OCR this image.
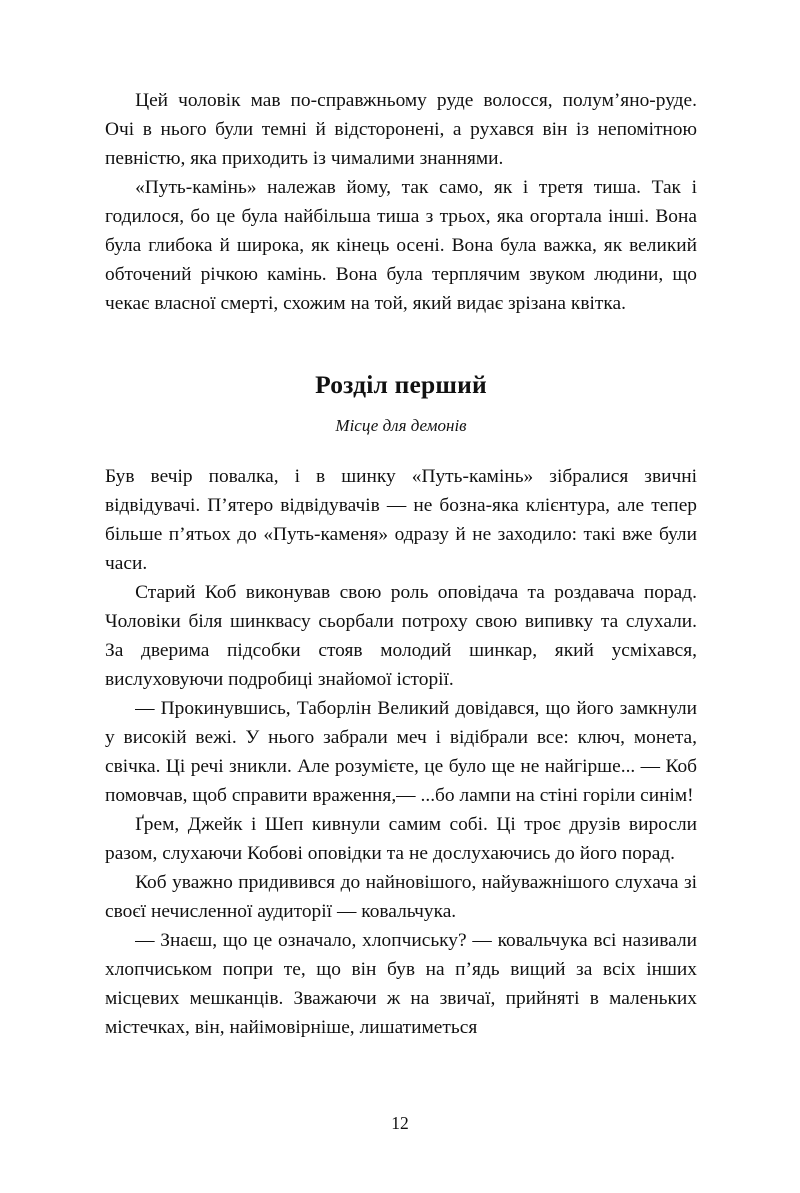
Цей чоловік мав по-справжньому руде волосся, полум’яно-руде. Очі в нього були темні й відсторонені, а рухався він із непомітною певністю, яка приходить із чималими знаннями.

«Путь-камінь» належав йому, так само, як і третя тиша. Так і годилося, бо це була найбільша тиша з трьох, яка огортала інші. Вона була глибока й широка, як кінець осені. Вона була важка, як великий обточений річкою камінь. Вона була терплячим звуком людини, що чекає власної смерті, схожим на той, який видає зрізана квітка.

Розділ перший

Місце для демонів

Був вечір повалка, і в шинку «Путь-камінь» зібралися звичні відвідувачі. П’ятеро відвідувачів — не бозна-яка клієнтура, але тепер більше п’ятьох до «Путь-каменя» одразу й не заходило: такі вже були часи.

Старий Коб виконував свою роль оповідача та роздавача порад. Чоловіки біля шинквасу сьорбали потроху свою випивку та слухали. За дверима підсобки стояв молодий шинкар, який усміхався, вислуховуючи подробиці знайомої історії.

— Прокинувшись, Таборлін Великий довідався, що його замкнули у високій вежі. У нього забрали меч і відібрали все: ключ, монета, свічка. Ці речі зникли. Але розумієте, це було ще не найгірше... — Коб помовчав, щоб справити враження,— ...бо лампи на стіні горіли синім!

Ґрем, Джейк і Шеп кивнули самим собі. Ці троє друзів виросли разом, слухаючи Кобові оповідки та не дослухаючись до його порад.

Коб уважно придивився до найновішого, найуважнішого слухача зі своєї нечисленної аудиторії — ковальчука.

— Знаєш, що це означало, хлопчиську? — ковальчука всі називали хлопчиськом попри те, що він був на п’ядь вищий за всіх інших місцевих мешканців. Зважаючи ж на звичаї, прийняті в маленьких містечках, він, найімовірніше, лишатиметься

12
